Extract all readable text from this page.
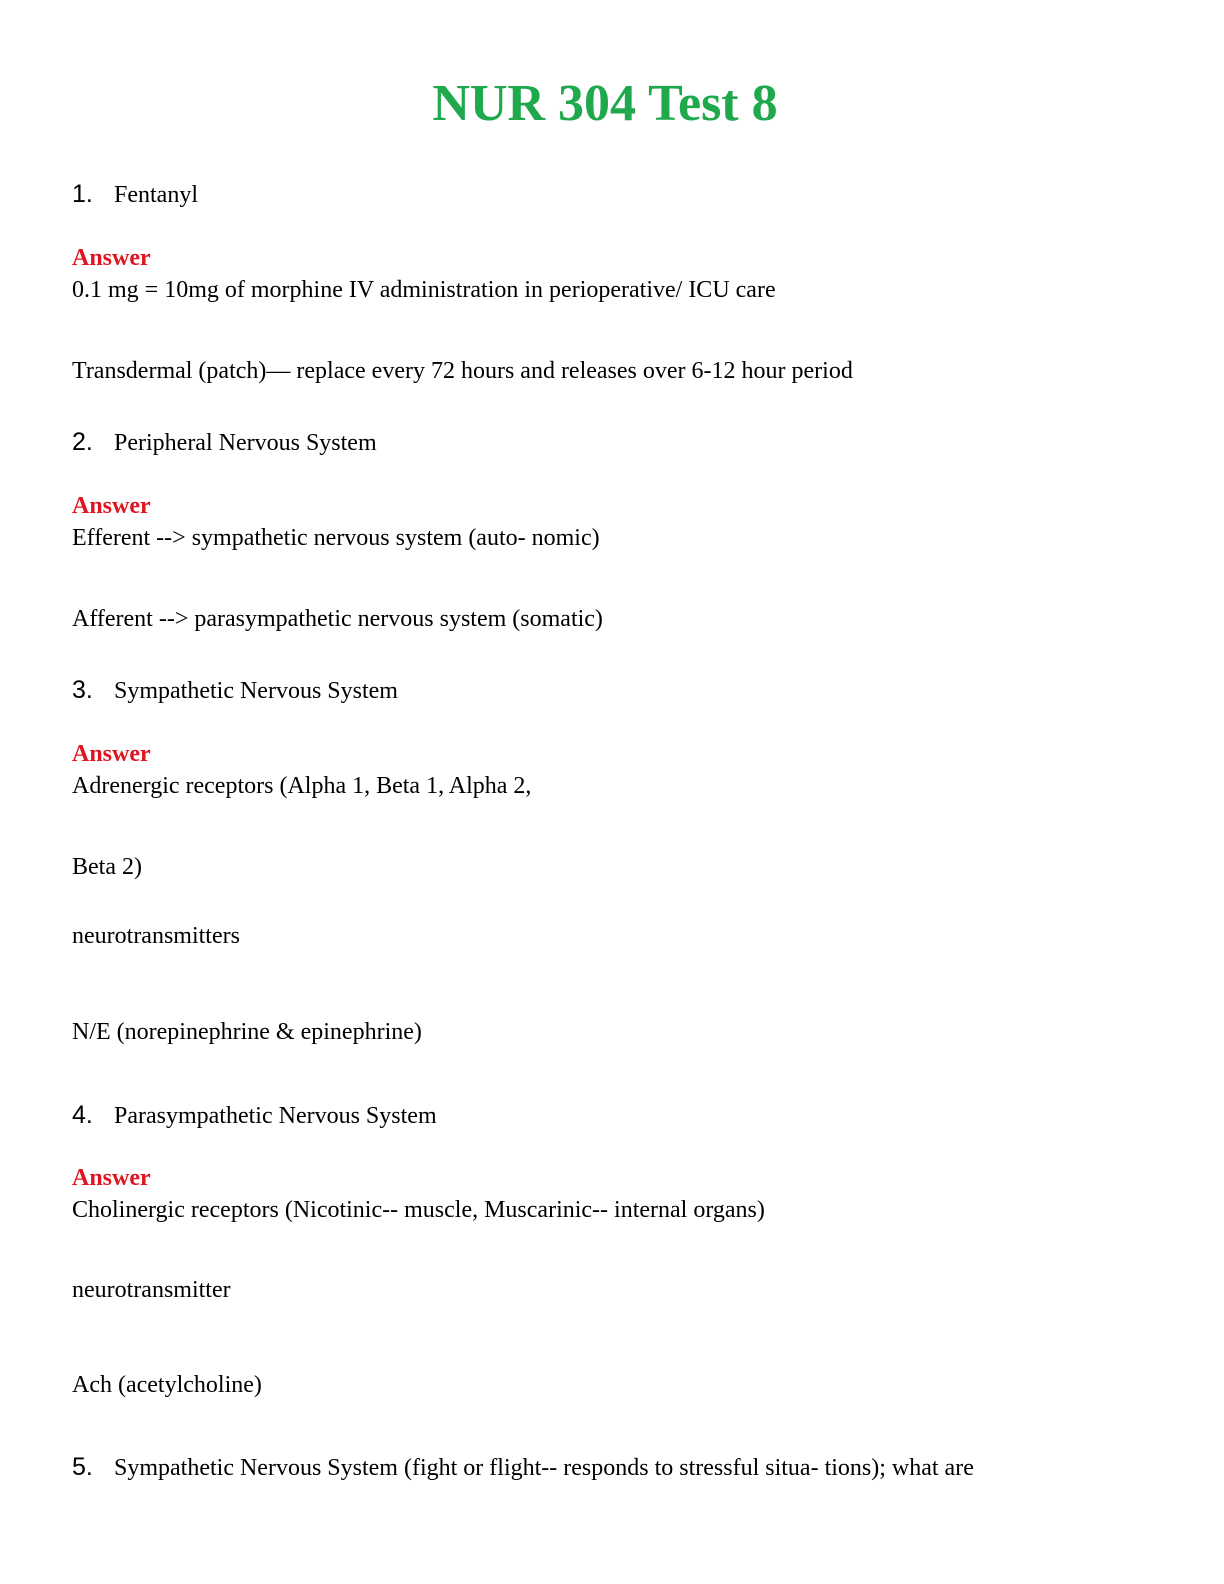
NUR 304 Test 8
1. Fentanyl
Answer
0.1 mg = 10mg of morphine IV administration in perioperative/ ICU care
Transdermal (patch)— replace every 72 hours and releases over 6-12 hour period
2. Peripheral Nervous System
Answer
Efferent --> sympathetic nervous system (auto- nomic)
Afferent --> parasympathetic nervous system (somatic)
3. Sympathetic Nervous System
Answer
Adrenergic receptors (Alpha 1, Beta 1, Alpha 2,
Beta 2)
neurotransmitters
N/E (norepinephrine & epinephrine)
4. Parasympathetic Nervous System
Answer
Cholinergic receptors (Nicotinic-- muscle, Muscarinic-- internal organs)
neurotransmitter
Ach (acetylcholine)
5. Sympathetic Nervous System (fight or flight-- responds to stressful situa- tions); what are
